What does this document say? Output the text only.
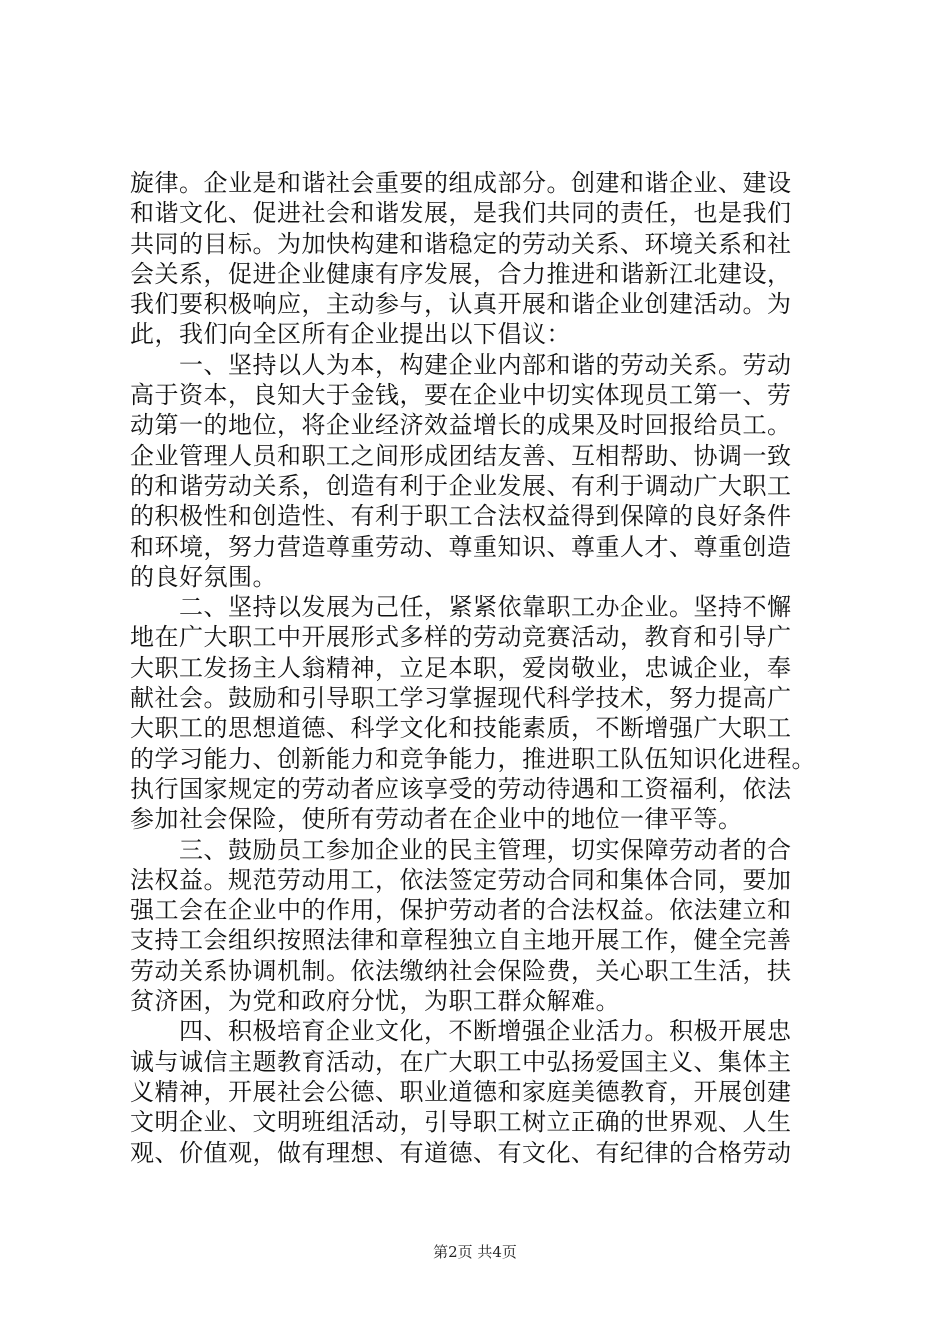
旋律。企业是和谐社会重要的组成部分。创建和谐企业、建设
和谐文化、促进社会和谐发展，是我们共同的责任，也是我们
共同的目标。为加快构建和谐稳定的劳动关系、环境关系和社
会关系，促进企业健康有序发展，合力推进和谐新江北建设，
我们要积极响应，主动参与，认真开展和谐企业创建活动。为
此，我们向全区所有企业提出以下倡议：
　　一、坚持以人为本，构建企业内部和谐的劳动关系。劳动
高于资本，良知大于金钱，要在企业中切实体现员工第一、劳
动第一的地位，将企业经济效益增长的成果及时回报给员工。
企业管理人员和职工之间形成团结友善、互相帮助、协调一致
的和谐劳动关系，创造有利于企业发展、有利于调动广大职工
的积极性和创造性、有利于职工合法权益得到保障的良好条件
和环境，努力营造尊重劳动、尊重知识、尊重人才、尊重创造
的良好氛围。
　　二、坚持以发展为己任，紧紧依靠职工办企业。坚持不懈
地在广大职工中开展形式多样的劳动竞赛活动，教育和引导广
大职工发扬主人翁精神，立足本职，爱岗敬业，忠诚企业，奉
献社会。鼓励和引导职工学习掌握现代科学技术，努力提高广
大职工的思想道德、科学文化和技能素质，不断增强广大职工
的学习能力、创新能力和竞争能力，推进职工队伍知识化进程。
执行国家规定的劳动者应该享受的劳动待遇和工资福利，依法
参加社会保险，使所有劳动者在企业中的地位一律平等。
　　三、鼓励员工参加企业的民主管理，切实保障劳动者的合
法权益。规范劳动用工，依法签定劳动合同和集体合同，要加
强工会在企业中的作用，保护劳动者的合法权益。依法建立和
支持工会组织按照法律和章程独立自主地开展工作，健全完善
劳动关系协调机制。依法缴纳社会保险费，关心职工生活，扶
贫济困，为党和政府分忧，为职工群众解难。
　　四、积极培育企业文化，不断增强企业活力。积极开展忠
诚与诚信主题教育活动，在广大职工中弘扬爱国主义、集体主
义精神，开展社会公德、职业道德和家庭美德教育，开展创建
文明企业、文明班组活动，引导职工树立正确的世界观、人生
观、价值观，做有理想、有道德、有文化、有纪律的合格劳动
第2页 共4页
